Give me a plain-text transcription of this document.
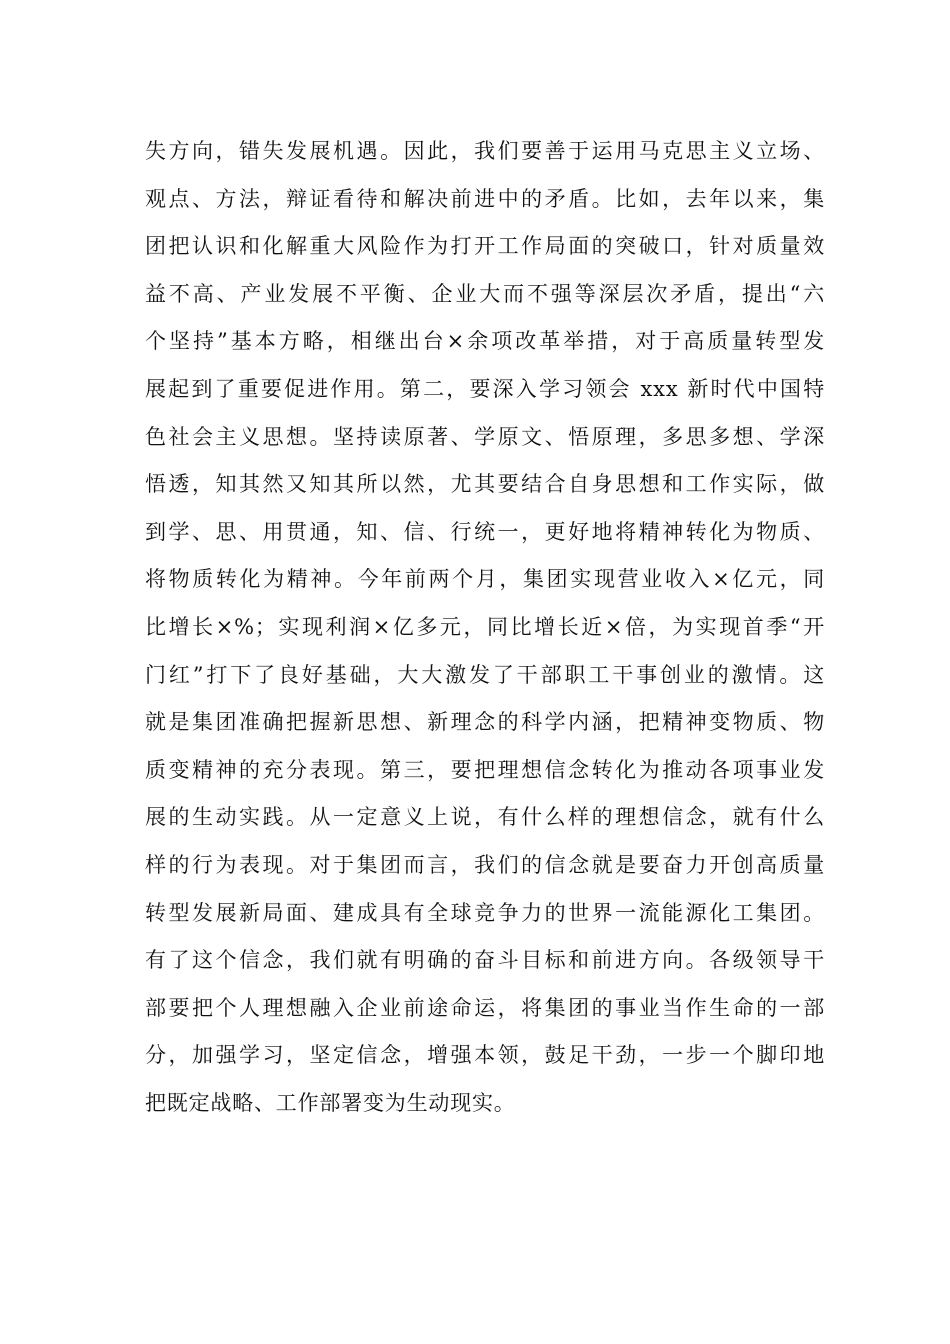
失方向，错失发展机遇。因此，我们要善于运用马克思主义立场、
观点、方法，辩证看待和解决前进中的矛盾。比如，去年以来，集
团把认识和化解重大风险作为打开工作局面的突破口，针对质量效
益不高、产业发展不平衡、企业大而不强等深层次矛盾，提出“六
个坚持”基本方略，相继出台×余项改革举措，对于高质量转型发
展起到了重要促进作用。第二，要深入学习领会 xxx 新时代中国特
色社会主义思想。坚持读原著、学原文、悟原理，多思多想、学深
悟透，知其然又知其所以然，尤其要结合自身思想和工作实际，做
到学、思、用贯通，知、信、行统一，更好地将精神转化为物质、
将物质转化为精神。今年前两个月，集团实现营业收入×亿元，同
比增长×%；实现利润×亿多元，同比增长近×倍，为实现首季“开
门红”打下了良好基础，大大激发了干部职工干事创业的激情。这
就是集团准确把握新思想、新理念的科学内涵，把精神变物质、物
质变精神的充分表现。第三，要把理想信念转化为推动各项事业发
展的生动实践。从一定意义上说，有什么样的理想信念，就有什么
样的行为表现。对于集团而言，我们的信念就是要奋力开创高质量
转型发展新局面、建成具有全球竞争力的世界一流能源化工集团。
有了这个信念，我们就有明确的奋斗目标和前进方向。各级领导干
部要把个人理想融入企业前途命运，将集团的事业当作生命的一部
分，加强学习，坚定信念，增强本领，鼓足干劲，一步一个脚印地
把既定战略、工作部署变为生动现实。
